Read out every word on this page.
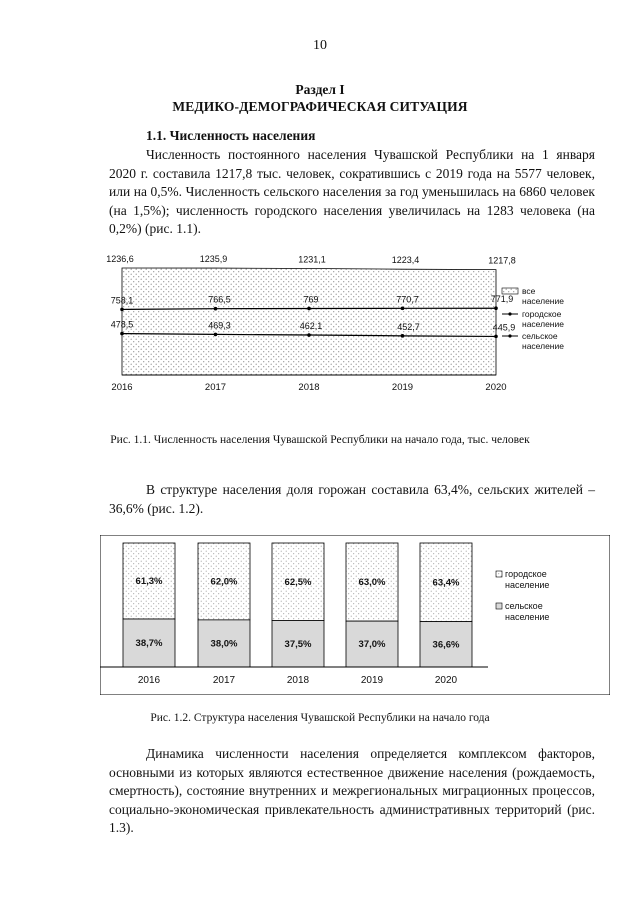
10
Раздел I
МЕДИКО-ДЕМОГРАФИЧЕСКАЯ СИТУАЦИЯ
1.1. Численность населения
Численность постоянного населения Чувашской Республики на 1 января 2020 г. составила 1217,8 тыс. человек, сократившись с 2019 года на 5577 человек, или на 0,5%. Численность сельского населения за год уменьшилась на 6860 человек (на 1,5%); численность городского населения увеличилась на 1283 человека (на 0,2%) (рис. 1.1).
1236,6	1235,9	1231,1	1223,4	1217,8
758,1	766,5	769	770,7	771,9
478,5	469,3	462,1	452,7	445,9
2016	2017	2018	2019	2020
все
население
городское
население
сельское
население
Рис. 1.1. Численность населения Чувашской Республики на начало года, тыс. человек
В структуре населения доля горожан составила 63,4%, сельских жителей – 36,6% (рис. 1.2).
61,3%
38,7%
62,0%
38,0%
62,5%
37,5%
63,0%
37,0%
63,4%
36,6%
2016	2017	2018	2019	2020
городское
население
сельское
население
Рис. 1.2. Структура населения Чувашской Республики на начало года
Динамика численности населения определяется комплексом факторов, основными из которых являются естественное движение населения (рождаемость, смертность), состояние внутренних и межрегиональных миграционных процессов, социально-экономическая привлекательность административных территорий (рис. 1.3).
